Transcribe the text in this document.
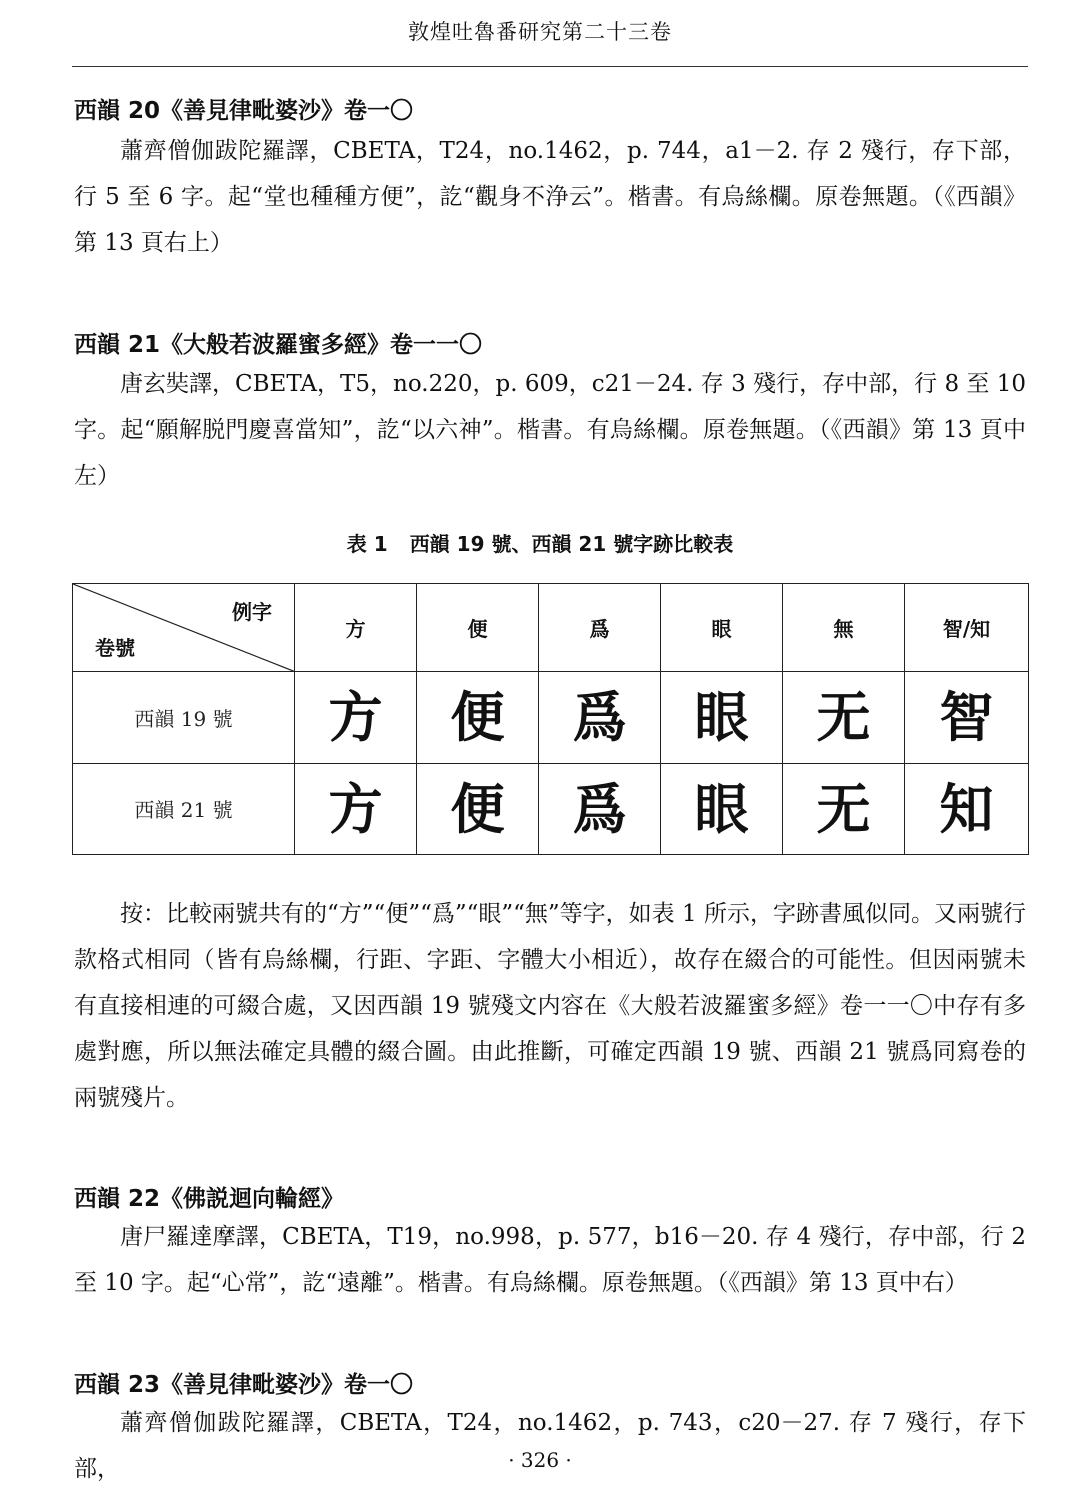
敦煌吐魯番研究第二十三卷
西韻 20《善見律毗婆沙》卷一〇

蕭齊僧伽跋陀羅譯，CBETA，T24，no.1462，p. 744，a1－2. 存 2 殘行，存下部，行 5 至 6 字。起“堂也種種方便”，訖“觀身不浄云”。楷書。有烏絲欄。原卷無題。（《西韻》第 13 頁右上）

西韻 21《大般若波羅蜜多經》卷一一〇

唐玄奘譯，CBETA，T5，no.220，p. 609，c21－24. 存 3 殘行，存中部，行 8 至 10 字。起“願解脱門慶喜當知”，訖“以六神”。楷書。有烏絲欄。原卷無題。（《西韻》第 13 頁中左）

表 1 西韻 19 號、西韻 21 號字跡比較表
例字
卷號	方	便	爲	眼	無	智/知
西韻 19 號	方	便	爲	眼	无	智
西韻 21 號	方	便	爲	眼	无	知

按：比較兩號共有的“方”“便”“爲”“眼”“無”等字，如表 1 所示，字跡書風似同。又兩號行款格式相同（皆有烏絲欄，行距、字距、字體大小相近），故存在綴合的可能性。但因兩號未有直接相連的可綴合處，又因西韻 19 號殘文内容在《大般若波羅蜜多經》卷一一〇中存有多處對應，所以無法確定具體的綴合圖。由此推斷，可確定西韻 19 號、西韻 21 號爲同寫卷的兩號殘片。

西韻 22《佛説迴向輪經》

唐尸羅達摩譯，CBETA，T19，no.998，p. 577，b16－20. 存 4 殘行，存中部，行 2 至 10 字。起“心常”，訖“遠離”。楷書。有烏絲欄。原卷無題。（《西韻》第 13 頁中右）

西韻 23《善見律毗婆沙》卷一〇

蕭齊僧伽跋陀羅譯，CBETA，T24，no.1462，p. 743，c20－27. 存 7 殘行，存下部，	· 326 ·
